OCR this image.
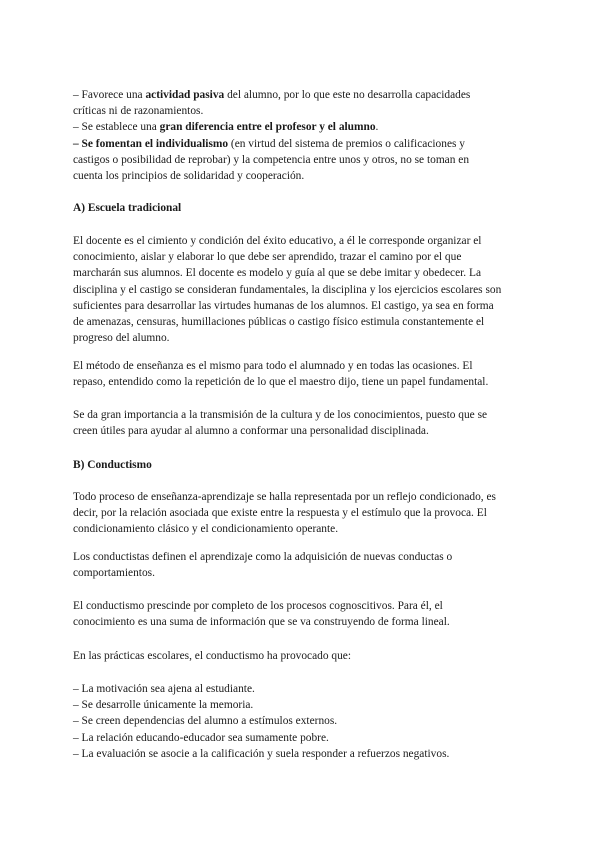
– Favorece una actividad pasiva del alumno, por lo que este no desarrolla capacidades
críticas ni de razonamientos.
– Se establece una gran diferencia entre el profesor y el alumno.
– Se fomentan el individualismo (en virtud del sistema de premios o calificaciones y
castigos o posibilidad de reprobar) y la competencia entre unos y otros, no se toman en
cuenta los principios de solidaridad y cooperación.
A) Escuela tradicional
El docente es el cimiento y condición del éxito educativo, a él le corresponde organizar el
conocimiento, aislar y elaborar lo que debe ser aprendido, trazar el camino por el que
marcharán sus alumnos. El docente es modelo y guía al que se debe imitar y obedecer. La
disciplina y el castigo se consideran fundamentales, la disciplina y los ejercicios escolares son
suficientes para desarrollar las virtudes humanas de los alumnos. El castigo, ya sea en forma
de amenazas, censuras, humillaciones públicas o castigo físico estimula constantemente el
progreso del alumno.
El método de enseñanza es el mismo para todo el alumnado y en todas las ocasiones. El
repaso, entendido como la repetición de lo que el maestro dijo, tiene un papel fundamental.
Se da gran importancia a la transmisión de la cultura y de los conocimientos, puesto que se
creen útiles para ayudar al alumno a conformar una personalidad disciplinada.
B) Conductismo
Todo proceso de enseñanza-aprendizaje se halla representada por un reflejo condicionado, es
decir, por la relación asociada que existe entre la respuesta y el estímulo que la provoca. El
condicionamiento clásico y el condicionamiento operante.
Los conductistas definen el aprendizaje como la adquisición de nuevas conductas o
comportamientos.
El conductismo prescinde por completo de los procesos cognoscitivos. Para él, el
conocimiento es una suma de información que se va construyendo de forma lineal.
En las prácticas escolares, el conductismo ha provocado que:
– La motivación sea ajena al estudiante.
– Se desarrolle únicamente la memoria.
– Se creen dependencias del alumno a estímulos externos.
– La relación educando-educador sea sumamente pobre.
– La evaluación se asocie a la calificación y suela responder a refuerzos negativos.
